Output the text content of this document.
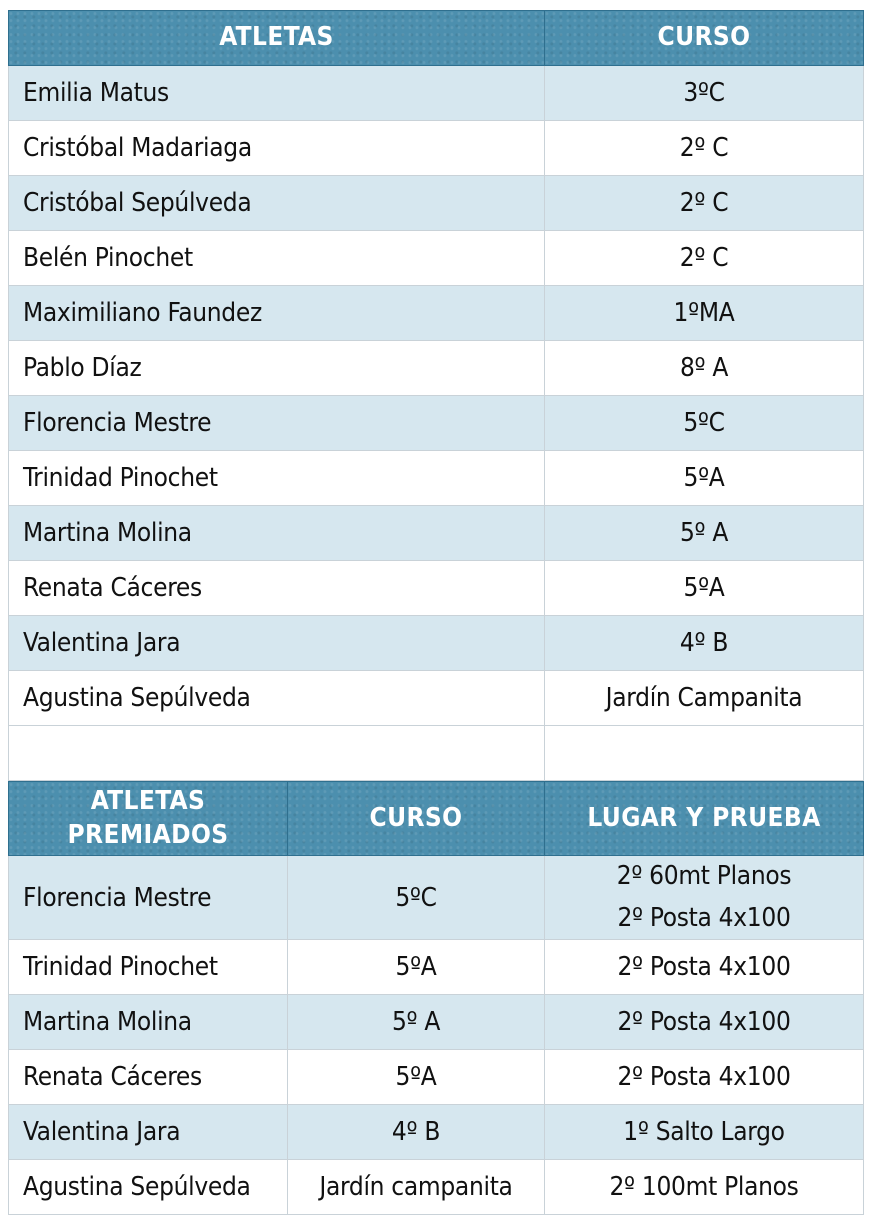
ATLETAS	CURSO
Emilia Matus	3ºC
Cristóbal Madariaga	2º C
Cristóbal Sepúlveda	2º C
Belén Pinochet	2º C
Maximiliano Faundez	1ºMA
Pablo Díaz	8º A
Florencia Mestre	5ºC
Trinidad Pinochet	5ºA
Martina Molina	5º A
Renata Cáceres	5ºA
Valentina Jara	4º B
Agustina Sepúlveda	Jardín Campanita

ATLETAS
PREMIADOS	CURSO	LUGAR Y PRUEBA
Florencia Mestre	5ºC	2º 60mt Planos
2º Posta 4x100

Trinidad Pinochet	5ºA	2º Posta 4x100
Martina Molina	5º A	2º Posta 4x100
Renata Cáceres	5ºA	2º Posta 4x100
Valentina Jara	4º B	1º Salto Largo
Agustina Sepúlveda	Jardín campanita	2º 100mt Planos
